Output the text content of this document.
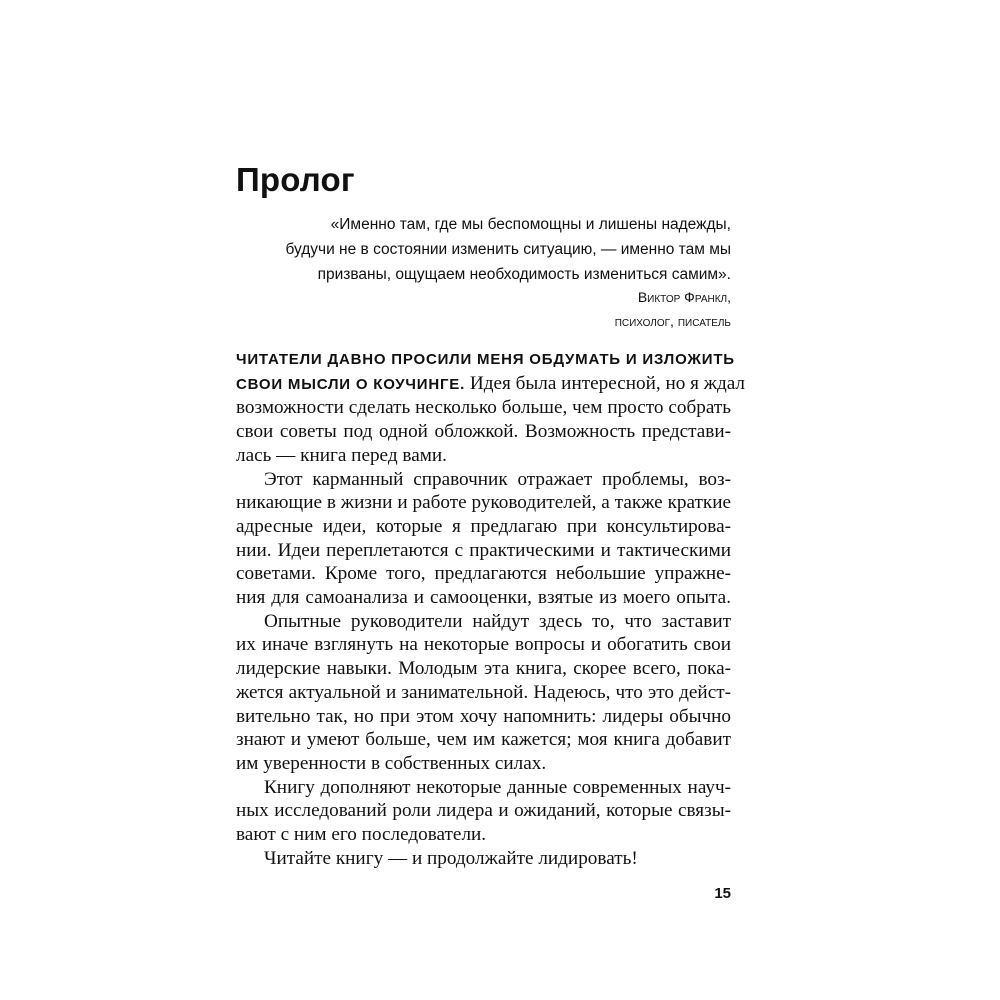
Пролог
«Именно там, где мы беспомощны и лишены надежды,
будучи не в состоянии изменить ситуацию, — именно там мы
призваны, ощущаем необходимость измениться самим».
Виктор Франкл,
психолог, писатель
ЧИТАТЕЛИ ДАВНО ПРОСИЛИ МЕНЯ ОБДУМАТЬ И ИЗЛОЖИТЬ
СВОИ МЫСЛИ О КОУЧИНГЕ. Идея была интересной, но я ждал
возможности сделать несколько больше, чем просто собрать
свои советы под одной обложкой. Возможность представи-
лась — книга перед вами.
Этот карманный справочник отражает проблемы, воз-
никающие в жизни и работе руководителей, а также краткие
адресные идеи, которые я предлагаю при консультирова-
нии. Идеи переплетаются с практическими и тактическими
советами. Кроме того, предлагаются небольшие упражне-
ния для самоанализа и самооценки, взятые из моего опыта.
Опытные руководители найдут здесь то, что заставит
их иначе взглянуть на некоторые вопросы и обогатить свои
лидерские навыки. Молодым эта книга, скорее всего, пока-
жется актуальной и занимательной. Надеюсь, что это дейст-
вительно так, но при этом хочу напомнить: лидеры обычно
знают и умеют больше, чем им кажется; моя книга добавит
им уверенности в собственных силах.
Книгу дополняют некоторые данные современных науч-
ных исследований роли лидера и ожиданий, которые связы-
вают с ним его последователи.
Читайте книгу — и продолжайте лидировать!
15
